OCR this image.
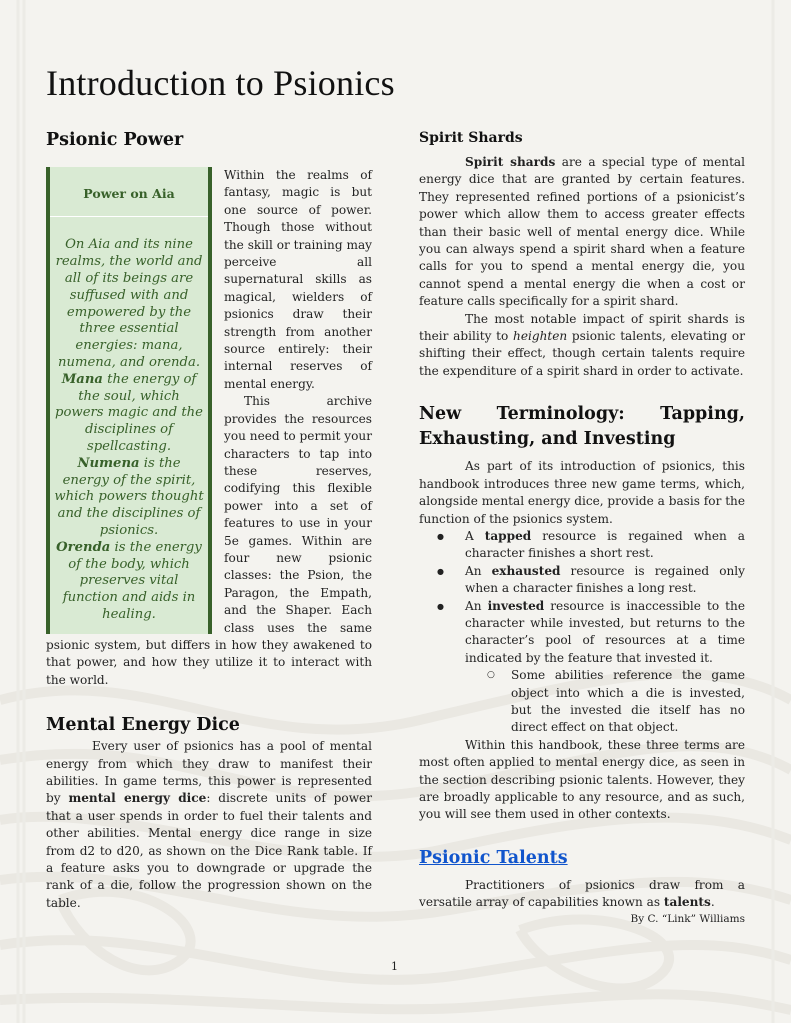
Introduction to Psionics
Psionic Power
Power on Aia
On Aia and its nine realms, the world and all of its beings are suffused with and empowered by the three essential energies: mana, numena, and orenda.
Mana the energy of the soul, which powers magic and the disciplines of spellcasting.
Numena is the energy of the spirit, which powers thought and the disciplines of psionics.
Orenda is the energy of the body, which preserves vital function and aids in healing.

Within the realms of fantasy, magic is but one source of power. Though those without the skill or training may perceive all supernatural skills as magical, wielders of psionics draw their strength from another source entirely: their internal reserves of mental energy.

This archive provides the resources you need to permit your characters to tap into these reserves, codifying this flexible power into a set of features to use in your 5e games. Within are four new psionic classes: the Psion, the Paragon, the Empath, and the Shaper. Each class uses the same psionic system, but differs in how they awakened to that power, and how they utilize it to interact with the world.

Mental Energy Dice

Every user of psionics has a pool of mental energy from which they draw to manifest their abilities. In game terms, this power is represented by mental energy dice: discrete units of power that a user spends in order to fuel their talents and other abilities. Mental energy dice range in size from d2 to d20, as shown on the Dice Rank table. If a feature asks you to downgrade or upgrade the rank of a die, follow the progression shown on the table.

Spirit Shards

Spirit shards are a special type of mental energy dice that are granted by certain features. They represented refined portions of a psionicist’s power which allow them to access greater effects than their basic well of mental energy dice. While you can always spend a spirit shard when a feature calls for you to spend a mental energy die, you cannot spend a mental energy die when a cost or feature calls specifically for a spirit shard.

The most notable impact of spirit shards is their ability to heighten psionic talents, elevating or shifting their effect, though certain talents require the expenditure of a spirit shard in order to activate.

New Terminology: Tapping, Exhausting, and Investing

As part of its introduction of psionics, this handbook introduces three new game terms, which, alongside mental energy dice, provide a basis for the function of the psionics system.

● A tapped resource is regained when a character finishes a short rest.
● An exhausted resource is regained only when a character finishes a long rest.
● An invested resource is inaccessible to the character while invested, but returns to the character’s pool of resources at a time indicated by the feature that invested it.
○ Some abilities reference the game object into which a die is invested, but the invested die itself has no direct effect on that object.

Within this handbook, these three terms are most often applied to mental energy dice, as seen in the section describing psionic talents. However, they are broadly applicable to any resource, and as such, you will see them used in other contexts.

Psionic Talents

Practitioners of psionics draw from a versatile array of capabilities known as talents.

By C. “Link” Williams
1
